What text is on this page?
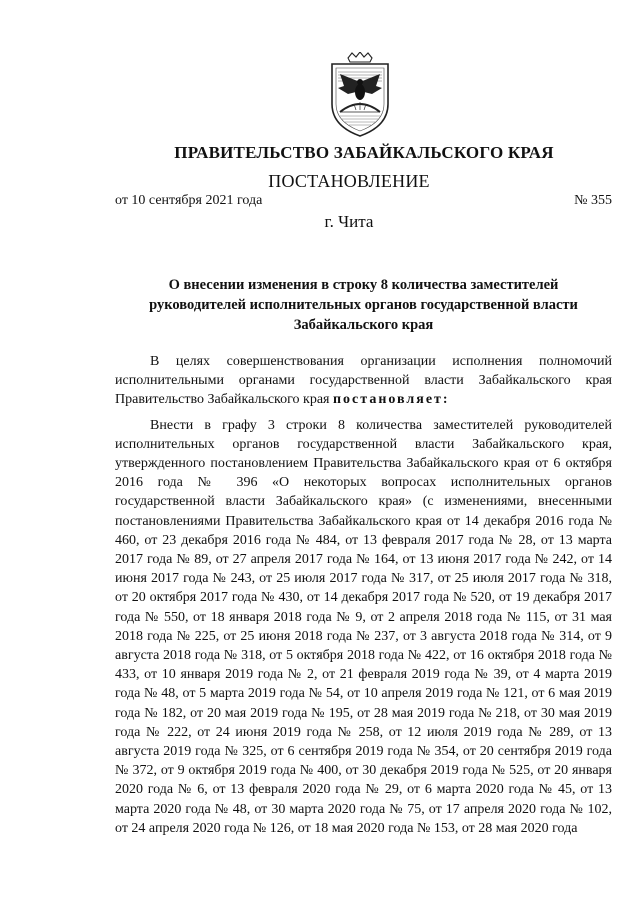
ПРАВИТЕЛЬСТВО ЗАБАЙКАЛЬСКОГО КРАЯ
ПОСТАНОВЛЕНИЕ
от 10 сентября 2021 года	№ 355
г. Чита
О внесении изменения в строку 8 количества заместителей
руководителей исполнительных органов государственной власти
Забайкальского края

В целях совершенствования организации исполнения полномочий исполнительными органами государственной власти Забайкальского края Правительство Забайкальского края постановляет:

Внести в графу 3 строки 8 количества заместителей руководителей исполнительных органов государственной власти Забайкальского края, утвержденного постановлением Правительства Забайкальского края от 6 октября 2016 года № 396 «О некоторых вопросах исполнительных органов государственной власти Забайкальского края» (с изменениями, внесенными постановлениями Правительства Забайкальского края от 14 декабря 2016 года № 460, от 23 декабря 2016 года № 484, от 13 февраля 2017 года № 28, от 13 марта 2017 года № 89, от 27 апреля 2017 года № 164, от 13 июня 2017 года № 242, от 14 июня 2017 года № 243, от 25 июля 2017 года № 317, от 25 июля 2017 года № 318, от 20 октября 2017 года № 430, от 14 декабря 2017 года № 520, от 19 декабря 2017 года № 550, от 18 января 2018 года № 9, от 2 апреля 2018 года № 115, от 31 мая 2018 года № 225, от 25 июня 2018 года № 237, от 3 августа 2018 года № 314, от 9 августа 2018 года № 318, от 5 октября 2018 года № 422, от 16 октября 2018 года № 433, от 10 января 2019 года № 2, от 21 февраля 2019 года № 39, от 4 марта 2019 года № 48, от 5 марта 2019 года № 54, от 10 апреля 2019 года № 121, от 6 мая 2019 года № 182, от 20 мая 2019 года № 195, от 28 мая 2019 года № 218, от 30 мая 2019 года № 222, от 24 июня 2019 года № 258, от 12 июля 2019 года № 289, от 13 августа 2019 года № 325, от 6 сентября 2019 года № 354, от 20 сентября 2019 года № 372, от 9 октября 2019 года № 400, от 30 декабря 2019 года № 525, от 20 января 2020 года № 6, от 13 февраля 2020 года № 29, от 6 марта 2020 года № 45, от 13 марта 2020 года № 48, от 30 марта 2020 года № 75, от 17 апреля 2020 года № 102, от 24 апреля 2020 года № 126, от 18 мая 2020 года № 153, от 28 мая 2020 года
